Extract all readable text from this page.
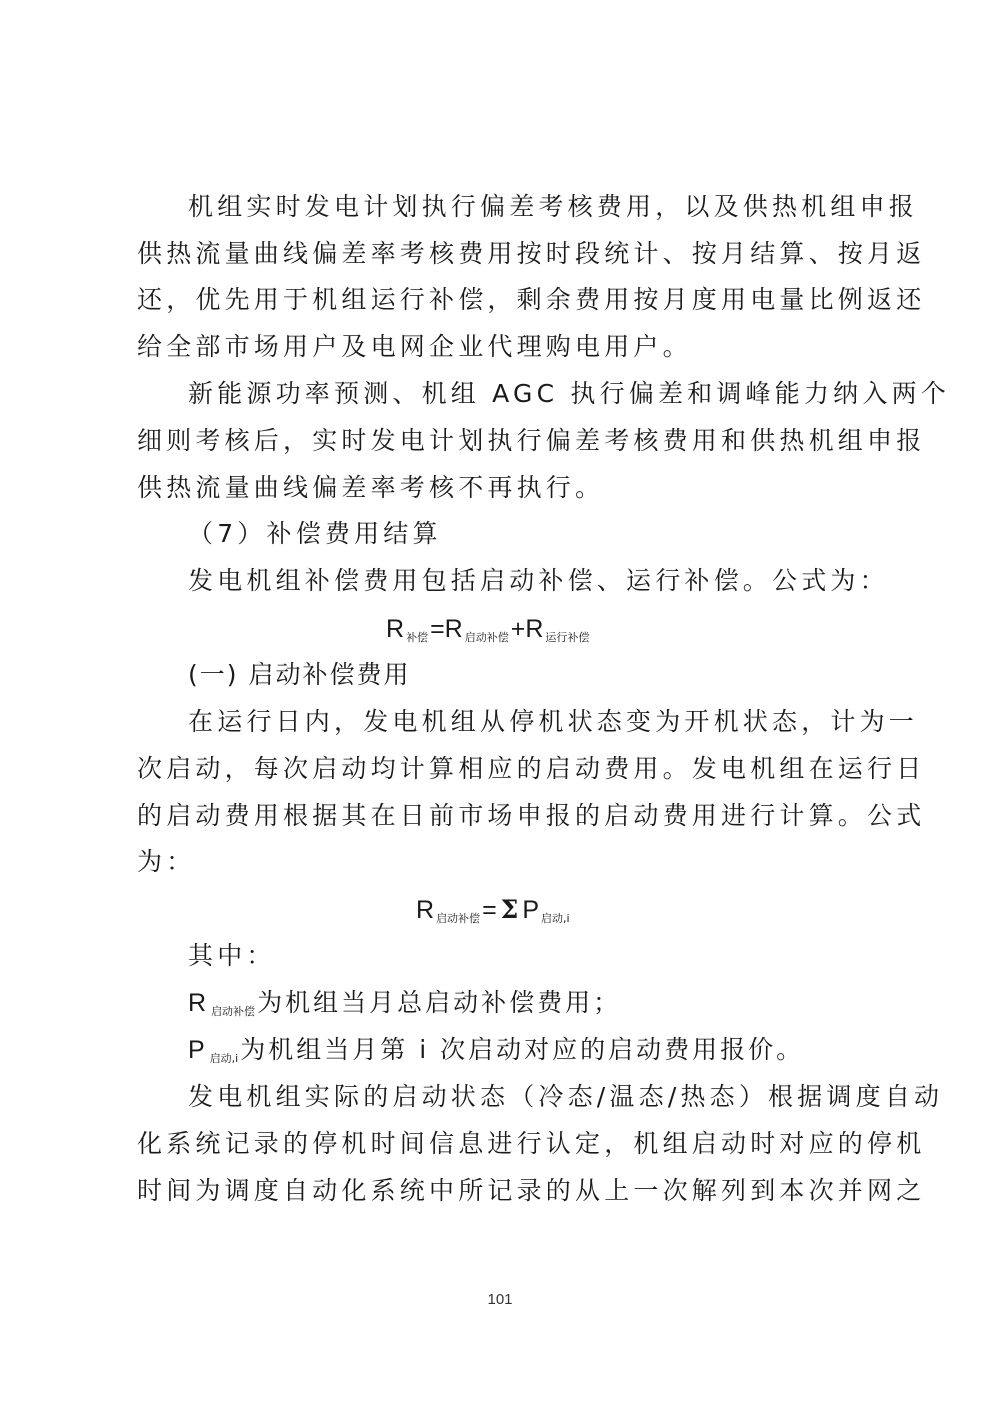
机组实时发电计划执行偏差考核费用，以及供热机组申报
供热流量曲线偏差率考核费用按时段统计、按月结算、按月返
还，优先用于机组运行补偿，剩余费用按月度用电量比例返还
给全部市场用户及电网企业代理购电用户。
新能源功率预测、机组 AGC 执行偏差和调峰能力纳入两个
细则考核后，实时发电计划执行偏差考核费用和供热机组申报
供热流量曲线偏差率考核不再执行。
（7）补偿费用结算
发电机组补偿费用包括启动补偿、运行补偿。公式为：
R补偿=R 启动补偿+R 运行补偿
(一) 启动补偿费用
在运行日内，发电机组从停机状态变为开机状态，计为一
次启动，每次启动均计算相应的启动费用。发电机组在运行日
的启动费用根据其在日前市场申报的启动费用进行计算。公式
为：
R启动补偿= Σ P 启动,i
其中：
R启动补偿为机组当月总启动补偿费用；
P启动,i为机组当月第 i 次启动对应的启动费用报价。
发电机组实际的启动状态（冷态/温态/热态）根据调度自动
化系统记录的停机时间信息进行认定，机组启动时对应的停机
时间为调度自动化系统中所记录的从上一次解列到本次并网之
101
